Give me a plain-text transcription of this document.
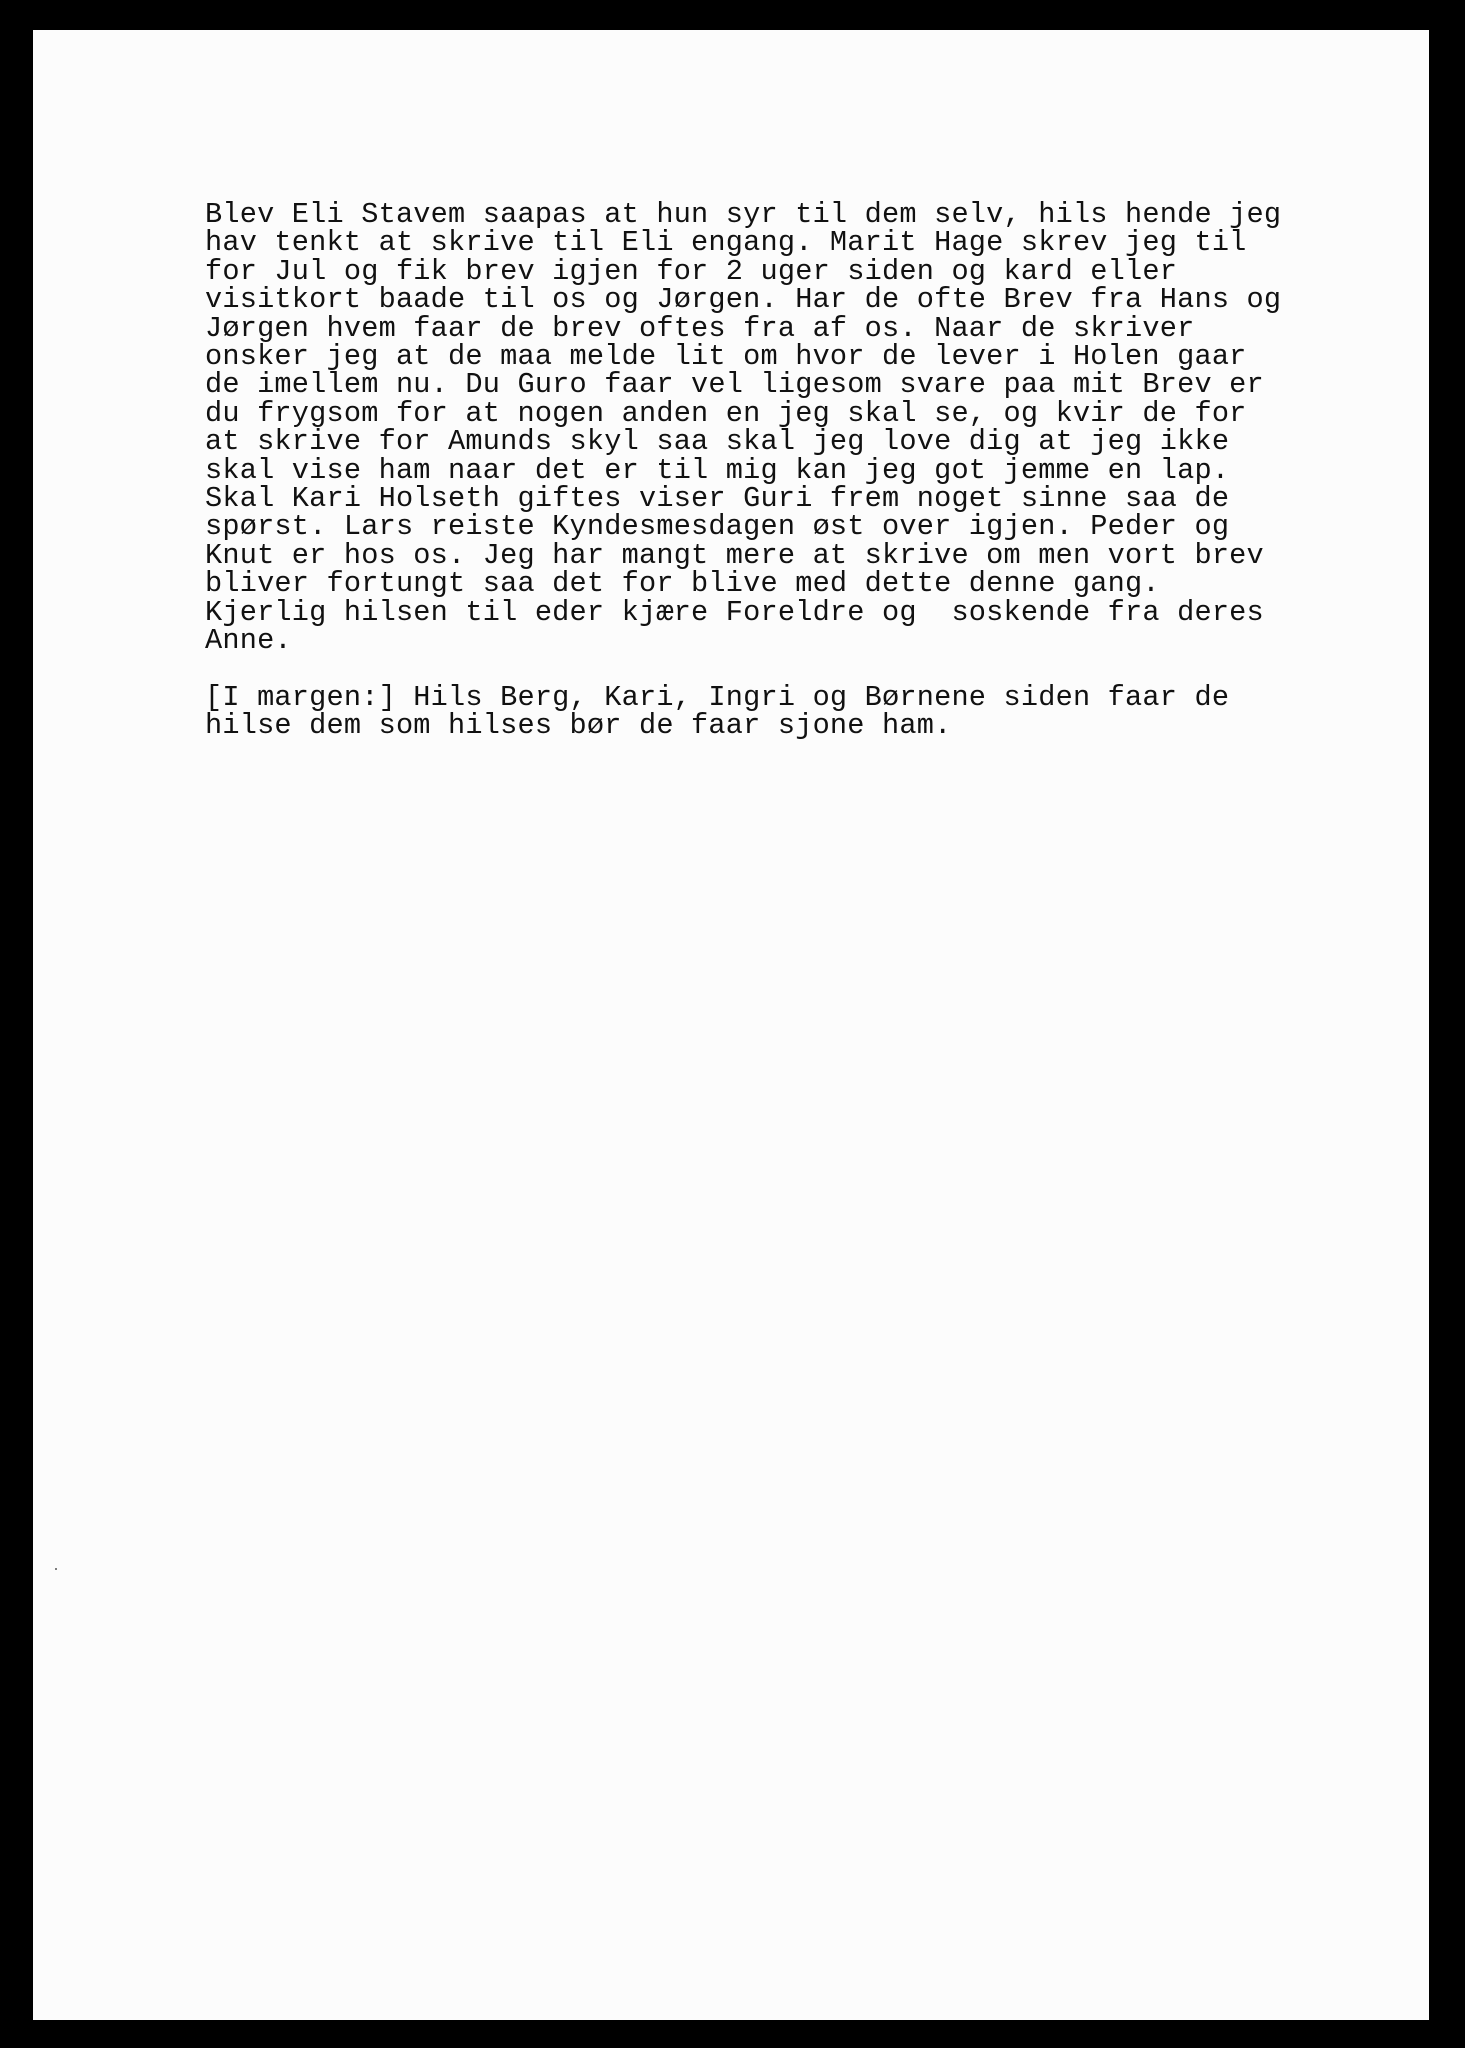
Blev Eli Stavem saapas at hun syr til dem selv, hils hende jeg
hav tenkt at skrive til Eli engang. Marit Hage skrev jeg til
for Jul og fik brev igjen for 2 uger siden og kard eller
visitkort baade til os og Jørgen. Har de ofte Brev fra Hans og
Jørgen hvem faar de brev oftes fra af os. Naar de skriver
onsker jeg at de maa melde lit om hvor de lever i Holen gaar
de imellem nu. Du Guro faar vel ligesom svare paa mit Brev er
du frygsom for at nogen anden en jeg skal se, og kvir de for
at skrive for Amunds skyl saa skal jeg love dig at jeg ikke
skal vise ham naar det er til mig kan jeg got jemme en lap.
Skal Kari Holseth giftes viser Guri frem noget sinne saa de
spørst. Lars reiste Kyndesmesdagen øst over igjen. Peder og
Knut er hos os. Jeg har mangt mere at skrive om men vort brev
bliver fortungt saa det for blive med dette denne gang.
Kjerlig hilsen til eder kjære Foreldre og  soskende fra deres
Anne.
[I margen:] Hils Berg, Kari, Ingri og Børnene siden faar de
hilse dem som hilses bør de faar sjone ham.
